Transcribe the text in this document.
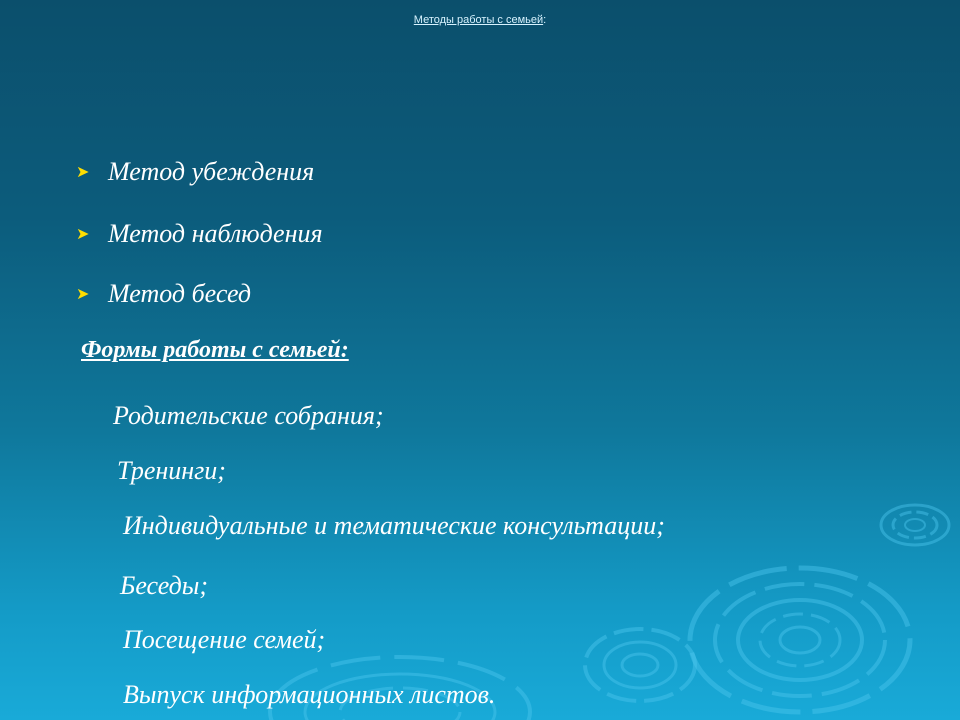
Методы работы с семьей:
➤ Метод убеждения
➤ Метод наблюдения
➤ Метод бесед
Формы работы с семьей:
Родительские собрания;
Тренинги;
Индивидуальные и тематические консультации;
Беседы;
Посещение семей;
Выпуск информационных листов.
